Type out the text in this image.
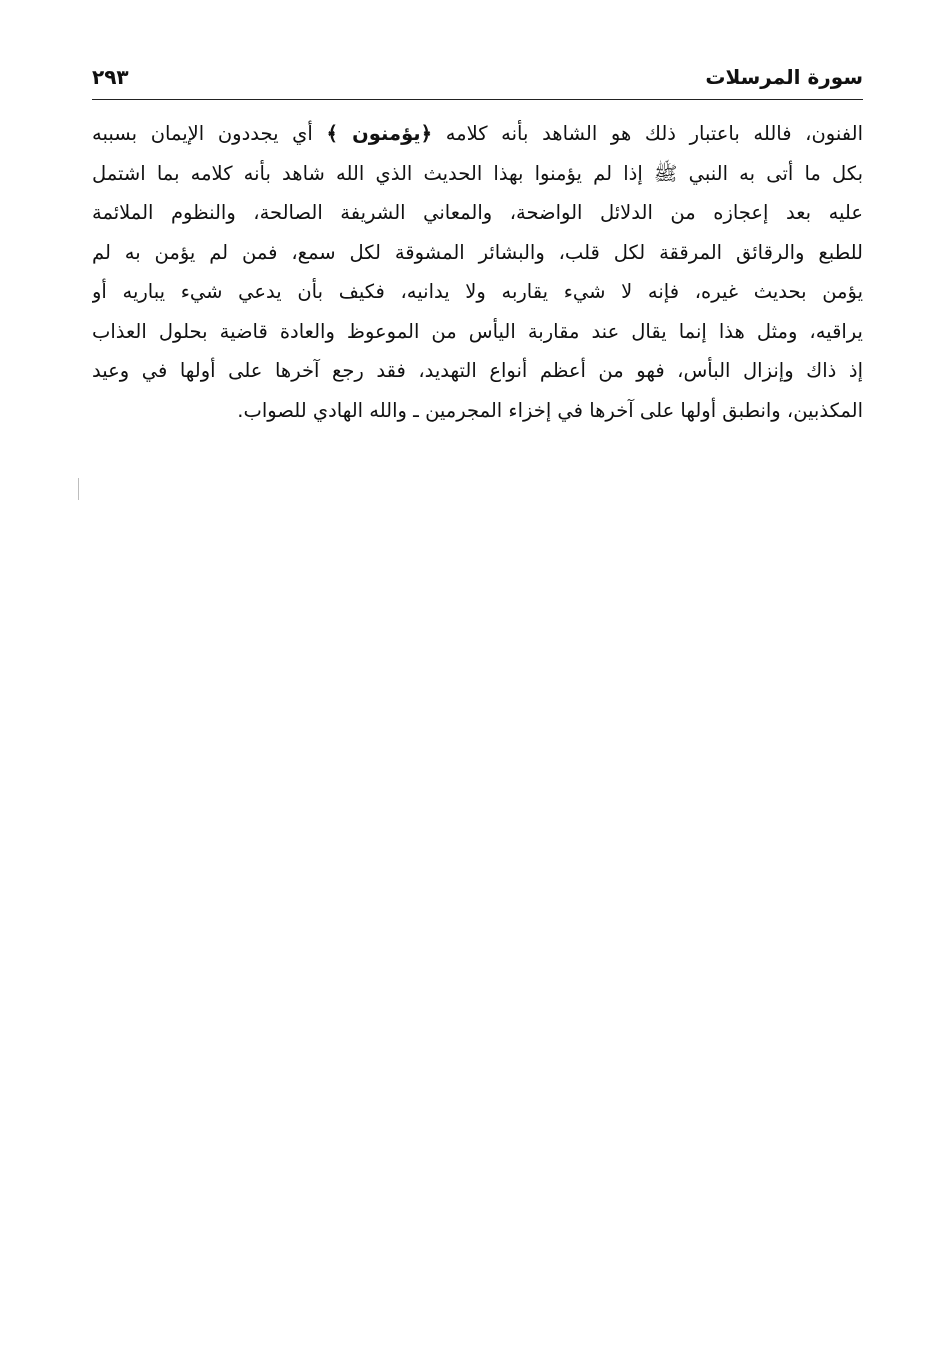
سورة المرسلات
٢٩٣
الفنون، فالله باعتبار ذلك هو الشاهد بأنه كلامه ﴿يؤمنون ﴾ أي يجددون الإيمان بسببه
بكل ما أتى به النبي ﷺ إذا لم يؤمنوا بهذا الحديث الذي الله شاهد بأنه كلامه بما اشتمل
عليه بعد إعجازه من الدلائل الواضحة، والمعاني الشريفة الصالحة، والنظوم الملائمة
للطبع والرقائق المرققة لكل قلب، والبشائر المشوقة لكل سمع، فمن لم يؤمن به لم
يؤمن بحديث غيره، فإنه لا شيء يقاربه ولا يدانيه، فكيف بأن يدعي شيء يباريه أو
يراقيه، ومثل هذا إنما يقال عند مقاربة اليأس من الموعوظ والعادة قاضية بحلول العذاب
إذ ذاك وإنزال البأس، فهو من أعظم أنواع التهديد، فقد رجع آخرها على أولها في وعيد
المكذبين، وانطبق أولها على آخرها في إخزاء المجرمين ـ والله الهادي للصواب.
